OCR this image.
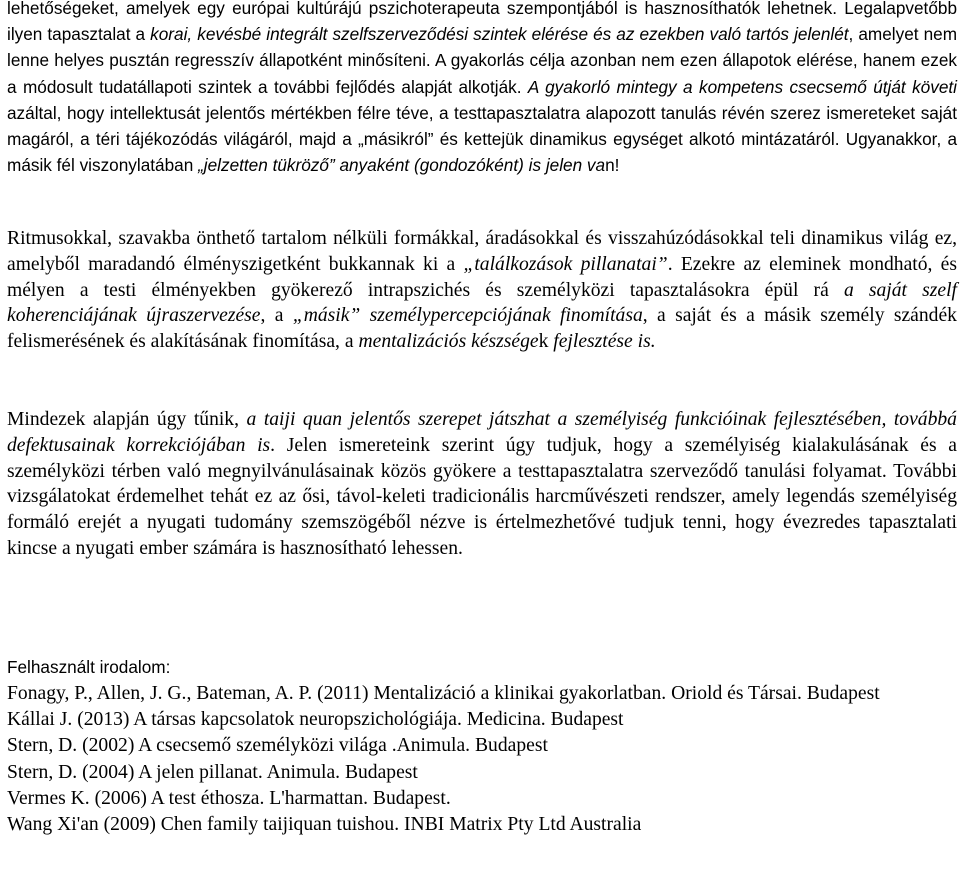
lehetőségeket, amelyek egy európai kultúrájú pszichoterapeuta szempontjából is hasznosíthatók lehetnek. Legalapvetőbb ilyen tapasztalat a korai, kevésbé integrált szelfszerveződési szintek elérése és az ezekben való tartós jelenlét, amelyet nem lenne helyes pusztán regresszív állapotként minősíteni. A gyakorlás célja azonban nem ezen állapotok elérése, hanem ezek a módosult tudatállapoti szintek a további fejlődés alapját alkotják. A gyakorló mintegy a kompetens csecsemő útját követi azáltal, hogy intellektusát jelentős mértékben félre téve, a testtapasztalatra alapozott tanulás révén szerez ismereteket saját magáról, a téri tájékozódás világáról, majd a „másikról” és kettejük dinamikus egységet alkotó mintázatáról. Ugyanakkor, a másik fél viszonylatában „jelzetten tükröző” anyaként (gondozóként) is jelen van!

Ritmusokkal, szavakba önthető tartalom nélküli formákkal, áradásokkal és visszahúzódásokkal teli dinamikus világ ez, amelyből maradandó élményszigetként bukkannak ki a „találkozások pillanatai”. Ezekre az eleminek mondható, és mélyen a testi élményekben gyökerező intrapszichés és személyközi tapasztalásokra épül rá a saját szelf koherenciájának újraszervezése, a „másik” személypercepciójának finomítása, a saját és a másik személy szándék felismerésének és alakításának finomítása, a mentalizációs készségek fejlesztése is.

Mindezek alapján úgy tűnik, a taiji quan jelentős szerepet játszhat a személyiség funkcióinak fejlesztésében, továbbá defektusainak korrekciójában is. Jelen ismereteink szerint úgy tudjuk, hogy a személyiség kialakulásának és a személyközi térben való megnyilvánulásainak közös gyökere a testtapasztalatra szerveződő tanulási folyamat. További vizsgálatokat érdemelhet tehát ez az ősi, távol-keleti tradicionális harcművészeti rendszer, amely legendás személyiség formáló erejét a nyugati tudomány szemszögéből nézve is értelmezhetővé tudjuk tenni, hogy évezredes tapasztalati kincse a nyugati ember számára is hasznosítható lehessen.

Felhasznált irodalom:

Fonagy, P., Allen, J. G., Bateman, A. P. (2011) Mentalizáció a klinikai gyakorlatban. Oriold és Társai. Budapest

Kállai J. (2013) A társas kapcsolatok neuropszichológiája. Medicina. Budapest

Stern, D. (2002) A csecsemő személyközi világa .Animula. Budapest

Stern, D. (2004) A jelen pillanat. Animula. Budapest

Vermes K. (2006) A test éthosza. L'harmattan. Budapest.

Wang Xi'an (2009) Chen family taijiquan tuishou. INBI Matrix Pty Ltd Australia
